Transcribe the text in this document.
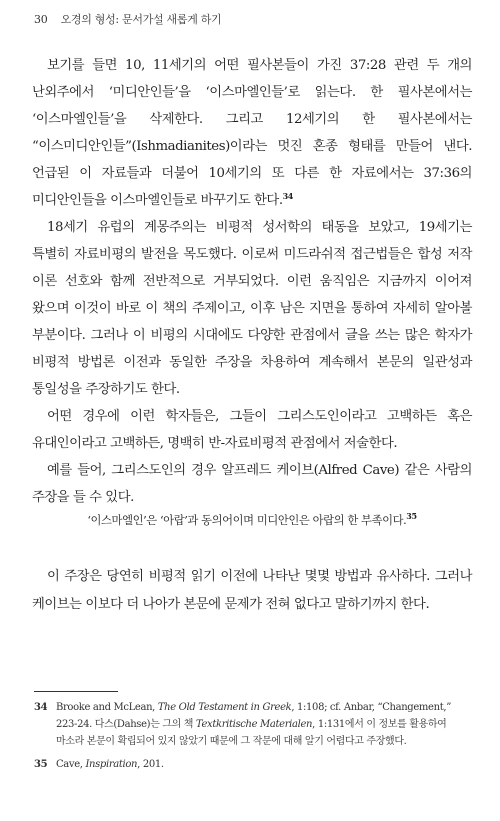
30 오경의 형성: 문서가설 새롭게 하기

보기를 들면 10, 11세기의 어떤 필사본들이 가진 37:28 관련 두 개의 난외주에서 ‘미디안인들’을 ‘이스마엘인들’로 읽는다. 한 필사본에서는 ‘이스마엘인들’을 삭제한다. 그리고 12세기의 한 필사본에서는 “이스미디안인들”(Ishmadianites)이라는 멋진 혼종 형태를 만들어 낸다. 언급된 이 자료들과 더불어 10세기의 또 다른 한 자료에서는 37:36의 미디안인들을 이스마엘인들로 바꾸기도 한다.$^{34}$

18세기 유럽의 계몽주의는 비평적 성서학의 태동을 보았고, 19세기는 특별히 자료비평의 발전을 목도했다. 이로써 미드라쉬적 접근법들은 합성 저작 이론 선호와 함께 전반적으로 거부되었다. 이런 움직임은 지금까지 이어져 왔으며 이것이 바로 이 책의 주제이고, 이후 남은 지면을 통하여 자세히 알아볼 부분이다. 그러나 이 비평의 시대에도 다양한 관점에서 글을 쓰는 많은 학자가 비평적 방법론 이전과 동일한 주장을 차용하여 계속해서 본문의 일관성과 통일성을 주장하기도 한다.

어떤 경우에 이런 학자들은, 그들이 그리스도인이라고 고백하든 혹은 유대인이라고 고백하든, 명백히 반-자료비평적 관점에서 저술한다.

예를 들어, 그리스도인의 경우 알프레드 케이브(Alfred Cave) 같은 사람의 주장을 들 수 있다.

‘이스마엘인’은 ‘아랍’과 동의어이며 미디안인은 아랍의 한 부족이다.$^{35}$

이 주장은 당연히 비평적 읽기 이전에 나타난 몇몇 방법과 유사하다. 그러나 케이브는 이보다 더 나아가 본문에 문제가 전혀 없다고 말하기까지 한다.

34 Brooke and McLean, The Old Testament in Greek, 1:108; cf. Anbar, “Changement,” 223-24. 다스(Dahse)는 그의 책 Textkritische Materialen, 1:131에서 이 정보를 활용하여 마소라 본문이 확립되어 있지 않았기 때문에 그 작문에 대해 알기 어렵다고 주장했다.
35 Cave, Inspiration, 201.
